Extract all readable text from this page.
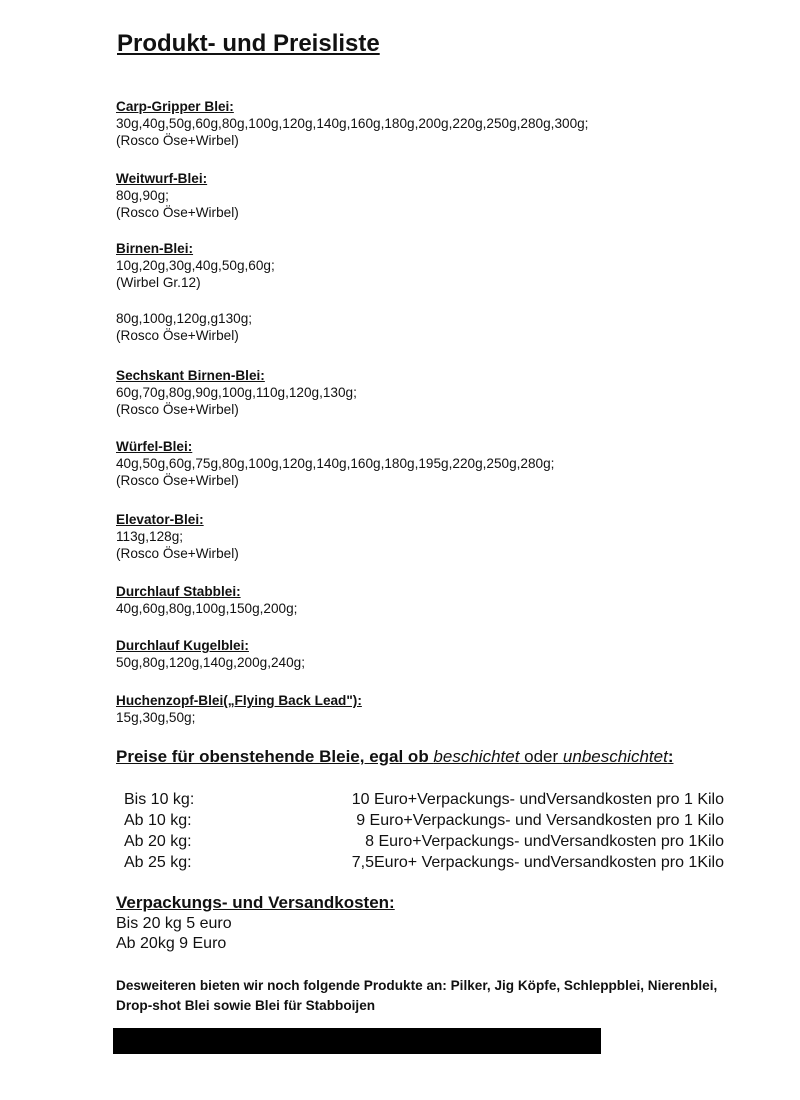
Produkt- und Preisliste
Carp-Gripper Blei:
30g,40g,50g,60g,80g,100g,120g,140g,160g,180g,200g,220g,250g,280g,300g;
(Rosco Öse+Wirbel)
Weitwurf-Blei:
80g,90g;
(Rosco Öse+Wirbel)
Birnen-Blei:
10g,20g,30g,40g,50g,60g;
(Wirbel Gr.12)
80g,100g,120g,g130g;
(Rosco Öse+Wirbel)
Sechskant Birnen-Blei:
60g,70g,80g,90g,100g,110g,120g,130g;
(Rosco Öse+Wirbel)
Würfel-Blei:
40g,50g,60g,75g,80g,100g,120g,140g,160g,180g,195g,220g,250g,280g;
(Rosco Öse+Wirbel)
Elevator-Blei:
113g,128g;
(Rosco Öse+Wirbel)
Durchlauf Stabblei:
40g,60g,80g,100g,150g,200g;
Durchlauf Kugelblei:
50g,80g,120g,140g,200g,240g;
Huchenzopf-Blei(„Flying Back Lead"):
15g,30g,50g;
Preise für obenstehende Bleie, egal ob beschichtet oder unbeschichtet:
Bis 10 kg:	10 Euro+Verpackungs- undVersandkosten pro 1 Kilo
Ab 10 kg:	9 Euro+Verpackungs- und Versandkosten pro 1 Kilo
Ab 20 kg:	8 Euro+Verpackungs- undVersandkosten pro 1Kilo
Ab 25 kg:	7,5Euro+ Verpackungs- undVersandkosten pro 1Kilo
Verpackungs- und Versandkosten:
Bis 20 kg 5 euro
Ab 20kg 9 Euro
Desweiteren bieten wir noch folgende Produkte an: Pilker, Jig Köpfe, Schleppblei, Nierenblei, Drop-shot Blei sowie Blei für Stabboijen
